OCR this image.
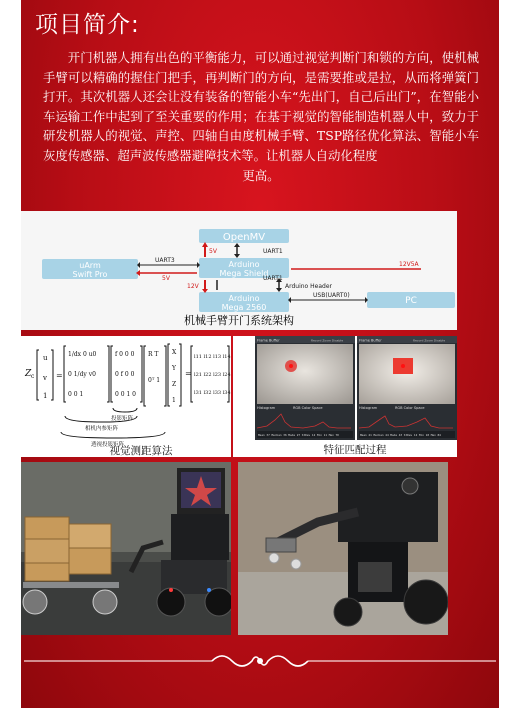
项目简介:

开门机器人拥有出色的平衡能力，可以通过视觉判断门和锁的方向，使机械手臂可以精确的握住门把手，再判断门的方向，是需要推或是拉，从而将弹簧门打开。其次机器人还会让没有装备的智能小车“先出门，自己后出门”，在智能小车运输工作中起到了至关重要的作用；在基于视觉的智能制造机器人中，致力于研发机器人的视觉、声控、四轴自由度机械手臂、TSP路径优化算法、智能小车灰度传感器、超声波传感器避障技术等。让机器人自动化程度
更高。

OpenMV
uArm
Swift Pro
Arduino
Mega Shield
Arduino
Mega 2560
PC
5V	UART1
UART3
5V
12V5A
12V	Arduino Header
UART1
USB(UART0)
机械手臂开门系统架构
Z c
u
v
1
=
1/dx 0 u0
0 1/dy v0
0 0 1
f 0 0 0
0 f 0 0
0 0 1 0
R T
0ᵀ 1
X
Y
Z
1
=
l11 l12 l13 l14
l21 l22 l23 l24
l31 l32 l33 l34
投影矩阵
相机内参矩阵
透视投影矩阵
视觉测距算法
Frame Buffer	Record Zoom Disable
Histogram	RGB Color Space
Mean 37 Median 36 Mode 27 StDev 12 Min 11 Max 70
Frame Buffer	Record Zoom Disable
Histogram	RGB Color Space
Mean 41 Median 44 Mode 43 StDev 12 Min 18 Max 84
特征匹配过程
